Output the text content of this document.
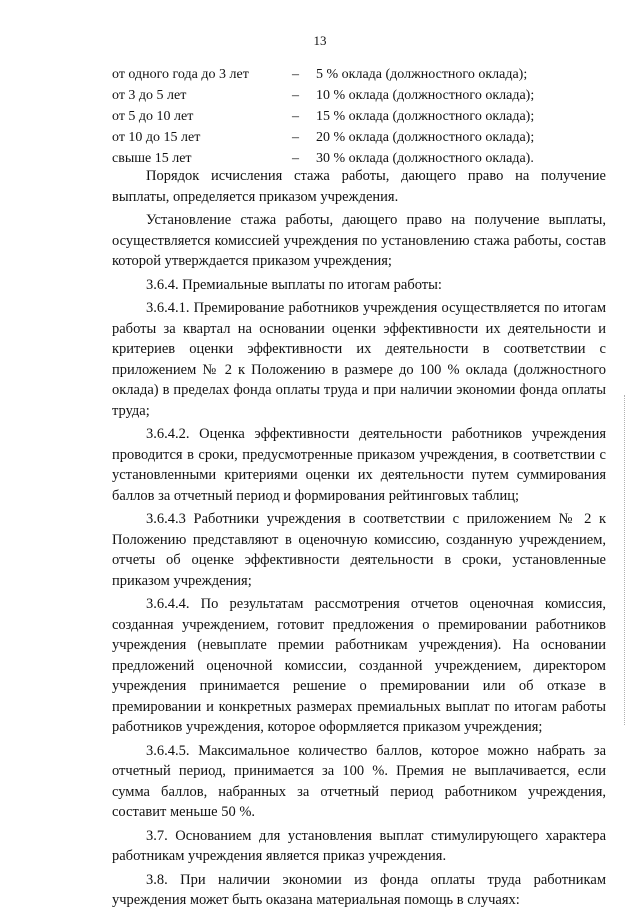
13
от одного года до 3 лет	– 5 % оклада (должностного оклада);
от 3 до 5 лет	– 10 % оклада (должностного оклада);
от 5 до 10 лет	– 15 % оклада (должностного оклада);
от 10 до 15 лет	– 20 % оклада (должностного оклада);
свыше 15 лет	– 30 % оклада (должностного оклада).

Порядок исчисления стажа работы, дающего право на получение выплаты, определяется приказом учреждения.

Установление стажа работы, дающего право на получение выплаты, осуществляется комиссией учреждения по установлению стажа работы, состав которой утверждается приказом учреждения;

3.6.4. Премиальные выплаты по итогам работы:

3.6.4.1. Премирование работников учреждения осуществляется по итогам работы за квартал на основании оценки эффективности их деятельности и критериев оценки эффективности их деятельности в соответствии с приложением № 2 к Положению в размере до 100 % оклада (должностного оклада) в пределах фонда оплаты труда и при наличии экономии фонда оплаты труда;

3.6.4.2. Оценка эффективности деятельности работников учреждения проводится в сроки, предусмотренные приказом учреждения, в соответствии с установленными критериями оценки их деятельности путем суммирования баллов за отчетный период и формирования рейтинговых таблиц;

3.6.4.3 Работники учреждения в соответствии с приложением № 2 к Положению представляют в оценочную комиссию, созданную учреждением, отчеты об оценке эффективности деятельности в сроки, установленные приказом учреждения;

3.6.4.4. По результатам рассмотрения отчетов оценочная комиссия, созданная учреждением, готовит предложения о премировании работников учреждения (невыплате премии работникам учреждения). На основании предложений оценочной комиссии, созданной учреждением, директором учреждения принимается решение о премировании или об отказе в премировании и конкретных размерах премиальных выплат по итогам работы работников учреждения, которое оформляется приказом учреждения;

3.6.4.5. Максимальное количество баллов, которое можно набрать за отчетный период, принимается за 100 %. Премия не выплачивается, если сумма баллов, набранных за отчетный период работником учреждения, составит меньше 50 %.

3.7. Основанием для установления выплат стимулирующего характера работникам учреждения является приказ учреждения.

3.8. При наличии экономии из фонда оплаты труда работникам учреждения может быть оказана материальная помощь в случаях:
